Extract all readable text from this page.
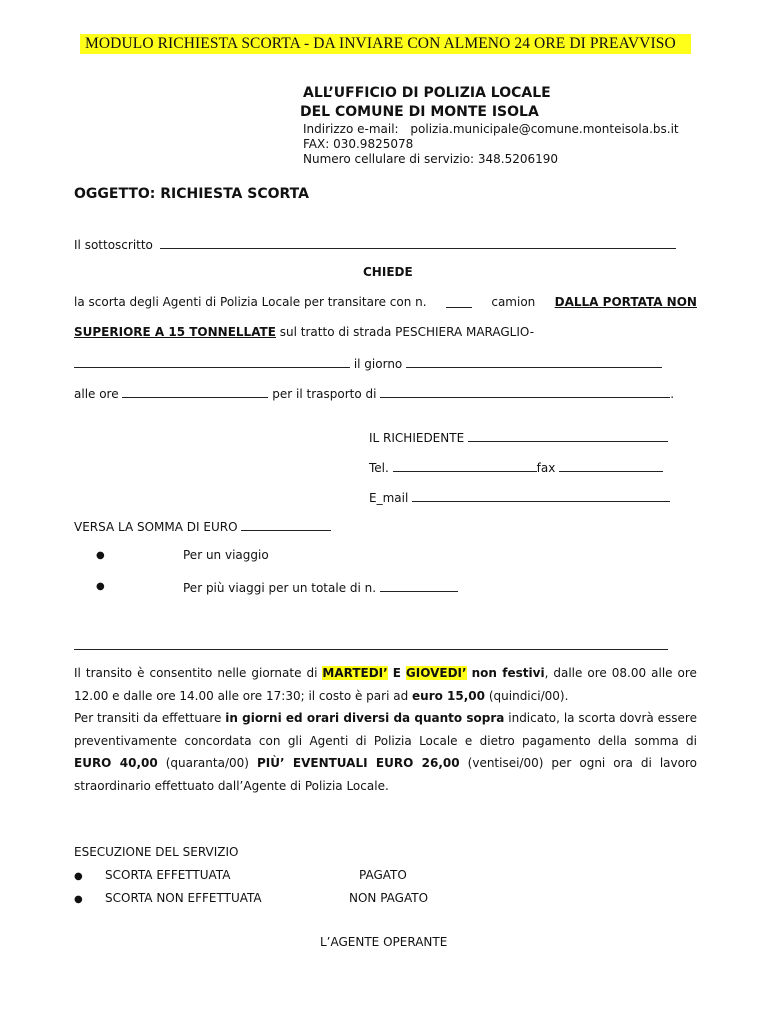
MODULO RICHIESTA SCORTA - DA INVIARE CON ALMENO 24 ORE DI PREAVVISO
ALL’UFFICIO DI POLIZIA LOCALE
DEL COMUNE DI MONTE ISOLA
Indirizzo e-mail: polizia.municipale@comune.monteisola.bs.it
FAX: 030.9825078
Numero cellulare di servizio: 348.5206190
OGGETTO: RICHIESTA SCORTA
Il sottoscritto
CHIEDE
la scorta degli Agenti di Polizia Locale per transitare con n.	camion DALLA PORTATA NON
SUPERIORE A 15 TONNELLATE sul tratto di strada PESCHIERA MARAGLIO-
il giorno
alle ore	per il trasporto di	.
IL RICHIEDENTE
Tel.	fax
E_mail
VERSA LA SOMMA DI EURO
●	Per un viaggio
●	Per più viaggi per un totale di n.
Il transito è consentito nelle giornate di MARTEDI’ E GIOVEDI’ non festivi, dalle ore 08.00 alle ore
12.00 e dalle ore 14.00 alle ore 17:30; il costo è pari ad euro 15,00 (quindici/00).
Per transiti da effettuare in giorni ed orari diversi da quanto sopra indicato, la scorta dovrà essere
preventivamente concordata con gli Agenti di Polizia Locale e dietro pagamento della somma di
EURO 40,00 (quaranta/00) PIÙ’ EVENTUALI EURO 26,00 (ventisei/00) per ogni ora di lavoro
straordinario effettuato dall’Agente di Polizia Locale.
ESECUZIONE DEL SERVIZIO
● SCORTA EFFETTUATA	PAGATO
● SCORTA NON EFFETTUATA	NON PAGATO
L’AGENTE OPERANTE
